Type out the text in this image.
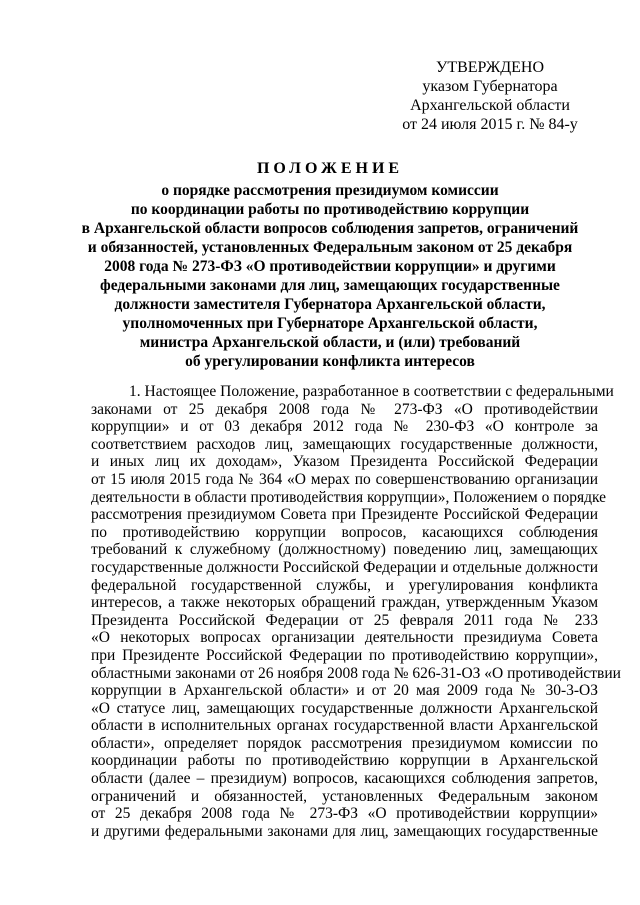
УТВЕРЖДЕНО
указом Губернатора
Архангельской области
от 24 июля 2015 г. № 84-у
ПОЛОЖЕНИЕ
о порядке рассмотрения президиумом комиссии
по координации работы по противодействию коррупции
в Архангельской области вопросов соблюдения запретов, ограничений
и обязанностей, установленных Федеральным законом от 25 декабря
2008 года № 273-ФЗ «О противодействии коррупции» и другими
федеральными законами для лиц, замещающих государственные
должности заместителя Губернатора Архангельской области,
уполномоченных при Губернаторе Архангельской области,
министра Архангельской области, и (или) требований
об урегулировании конфликта интересов
1. Настоящее Положение, разработанное в соответствии с федеральными
законами от 25 декабря 2008 года № 273-ФЗ «О противодействии
коррупции» и от 03 декабря 2012 года № 230-ФЗ «О контроле за
соответствием расходов лиц, замещающих государственные должности,
и иных лиц их доходам», Указом Президента Российской Федерации
от 15 июля 2015 года № 364 «О мерах по совершенствованию организации
деятельности в области противодействия коррупции», Положением о порядке
рассмотрения президиумом Совета при Президенте Российской Федерации
по противодействию коррупции вопросов, касающихся соблюдения
требований к служебному (должностному) поведению лиц, замещающих
государственные должности Российской Федерации и отдельные должности
федеральной государственной службы, и урегулирования конфликта
интересов, а также некоторых обращений граждан, утвержденным Указом
Президента Российской Федерации от 25 февраля 2011 года № 233
«О некоторых вопросах организации деятельности президиума Совета
при Президенте Российской Федерации по противодействию коррупции»,
областными законами от 26 ноября 2008 года № 626-31-ОЗ «О противодействии
коррупции в Архангельской области» и от 20 мая 2009 года № 30-3-ОЗ
«О статусе лиц, замещающих государственные должности Архангельской
области в исполнительных органах государственной власти Архангельской
области», определяет порядок рассмотрения президиумом комиссии по
координации работы по противодействию коррупции в Архангельской
области (далее – президиум) вопросов, касающихся соблюдения запретов,
ограничений и обязанностей, установленных Федеральным законом
от 25 декабря 2008 года № 273-ФЗ «О противодействии коррупции»
и другими федеральными законами для лиц, замещающих государственные
